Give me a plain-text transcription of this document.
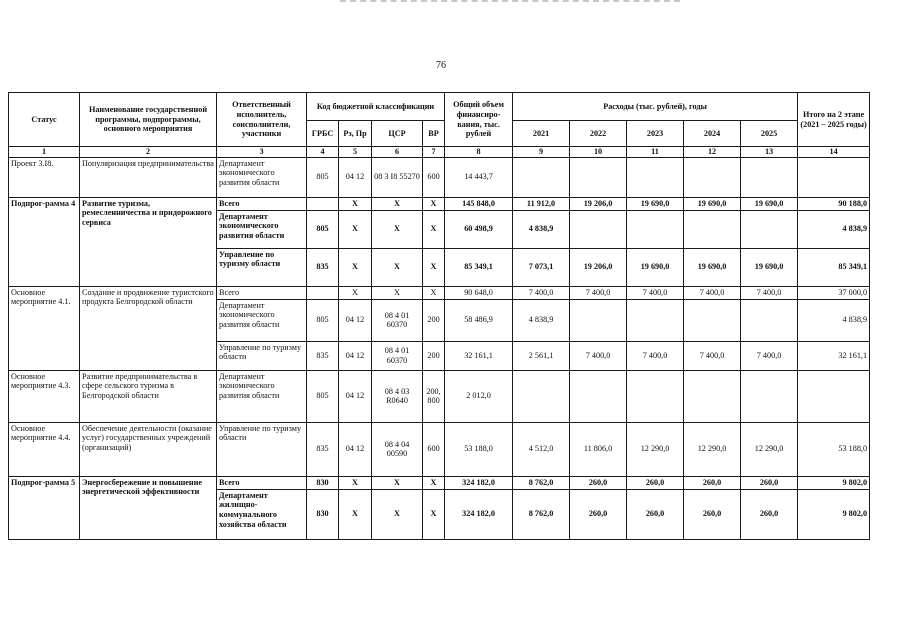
76
Статус	Наименование государственной программы, подпрограммы, основного мероприятия	Ответственный исполнитель, соисполнители, участники	Код бюджетной классификации				Общий объем финансиро-вания, тыс. рублей	Расходы (тыс. рублей), годы					Итого на 2 этапе (2021 – 2025 годы)
			ГРБС	Рз, Пр	ЦСР	ВР		2021	2022	2023	2024	2025	
1	2	3	4	5	6	7	8	9	10	11	12	13	14
Проект 3.I8.	Популяризация предпринимательства	Департамент экономического развития области	805	04 12	08 3 I8 55270	600	14 443,7						
Подпрог-рамма 4	Развитие туризма, ремесленничества и придорожного сервиса	Всего		X	X	X	145 848,0	11 912,0	19 206,0	19 690,0	19 690,0	19 690,0	90 188,0
		Департамент экономического развития области	805	X	X	X	60 498,9	4 838,9					4 838,9
		Управление по туризму области	835	X	X	X	85 349,1	7 073,1	19 206,0	19 690,0	19 690,0	19 690,0	85 349,1
Основное мероприятие 4.1.	Создание и продвижение туристского продукта Белгородской области	Всего		X	X	X	90 648,0	7 400,0	7 400,0	7 400,0	7 400,0	7 400,0	37 000,0
		Департамент экономического развития области	805	04 12	08 4 01 60370	200	58 486,9	4 838,9					4 838,9
		Управление по туризму области	835	04 12	08 4 01 60370	200	32 161,1	2 561,1	7 400,0	7 400,0	7 400,0	7 400,0	32 161,1
Основное мероприятие 4.3.	Развитие предпринимательства в сфере сельского туризма в Белгородской области	Департамент экономического развития области	805	04 12	08 4 03 R0640	200, 800	2 012,0						
Основное мероприятие 4.4.	Обеспечение деятельности (оказание услуг) государственных учреждений (организаций)	Управление по туризму области	835	04 12	08 4 04 00590	600	53 188,0	4 512,0	11 806,0	12 290,0	12 290,0	12 290,0	53 188,0
Подпрог-рамма 5	Энергосбережение и повышение энергетической эффективности	Всего	830	X	X	X	324 182,0	8 762,0	260,0	260,0	260,0	260,0	9 802,0
		Департамент жилищно-коммунального хозяйства области	830	X	X	X	324 182,0	8 762,0	260,0	260,0	260,0	260,0	9 802,0
